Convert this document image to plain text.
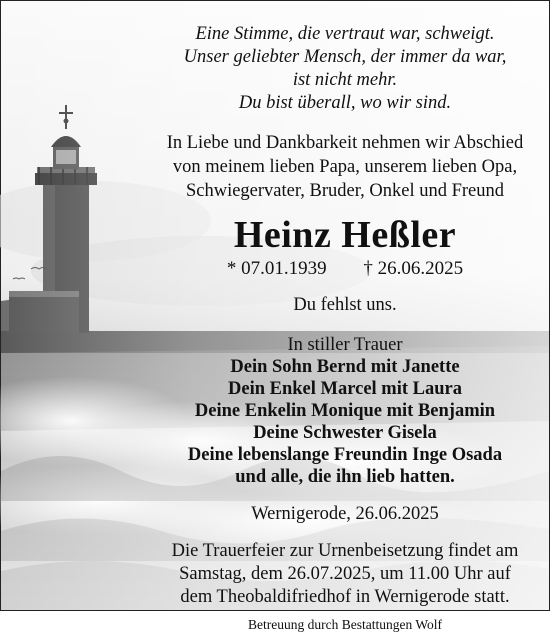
Eine Stimme, die vertraut war, schweigt.
Unser geliebter Mensch, der immer da war,
ist nicht mehr.
Du bist überall, wo wir sind.
In Liebe und Dankbarkeit nehmen wir Abschied
von meinem lieben Papa, unserem lieben Opa,
Schwiegervater, Bruder, Onkel und Freund
Heinz Heßler
* 07.01.1939 † 26.06.2025
Du fehlst uns.
In stiller Trauer
Dein Sohn Bernd mit Janette
Dein Enkel Marcel mit Laura
Deine Enkelin Monique mit Benjamin
Deine Schwester Gisela
Deine lebenslange Freundin Inge Osada
und alle, die ihn lieb hatten.
Wernigerode, 26.06.2025
Die Trauerfeier zur Urnenbeisetzung findet am
Samstag, dem 26.07.2025, um 11.00 Uhr auf
dem Theobaldifriedhof in Wernigerode statt.
Betreuung durch Bestattungen Wolf
